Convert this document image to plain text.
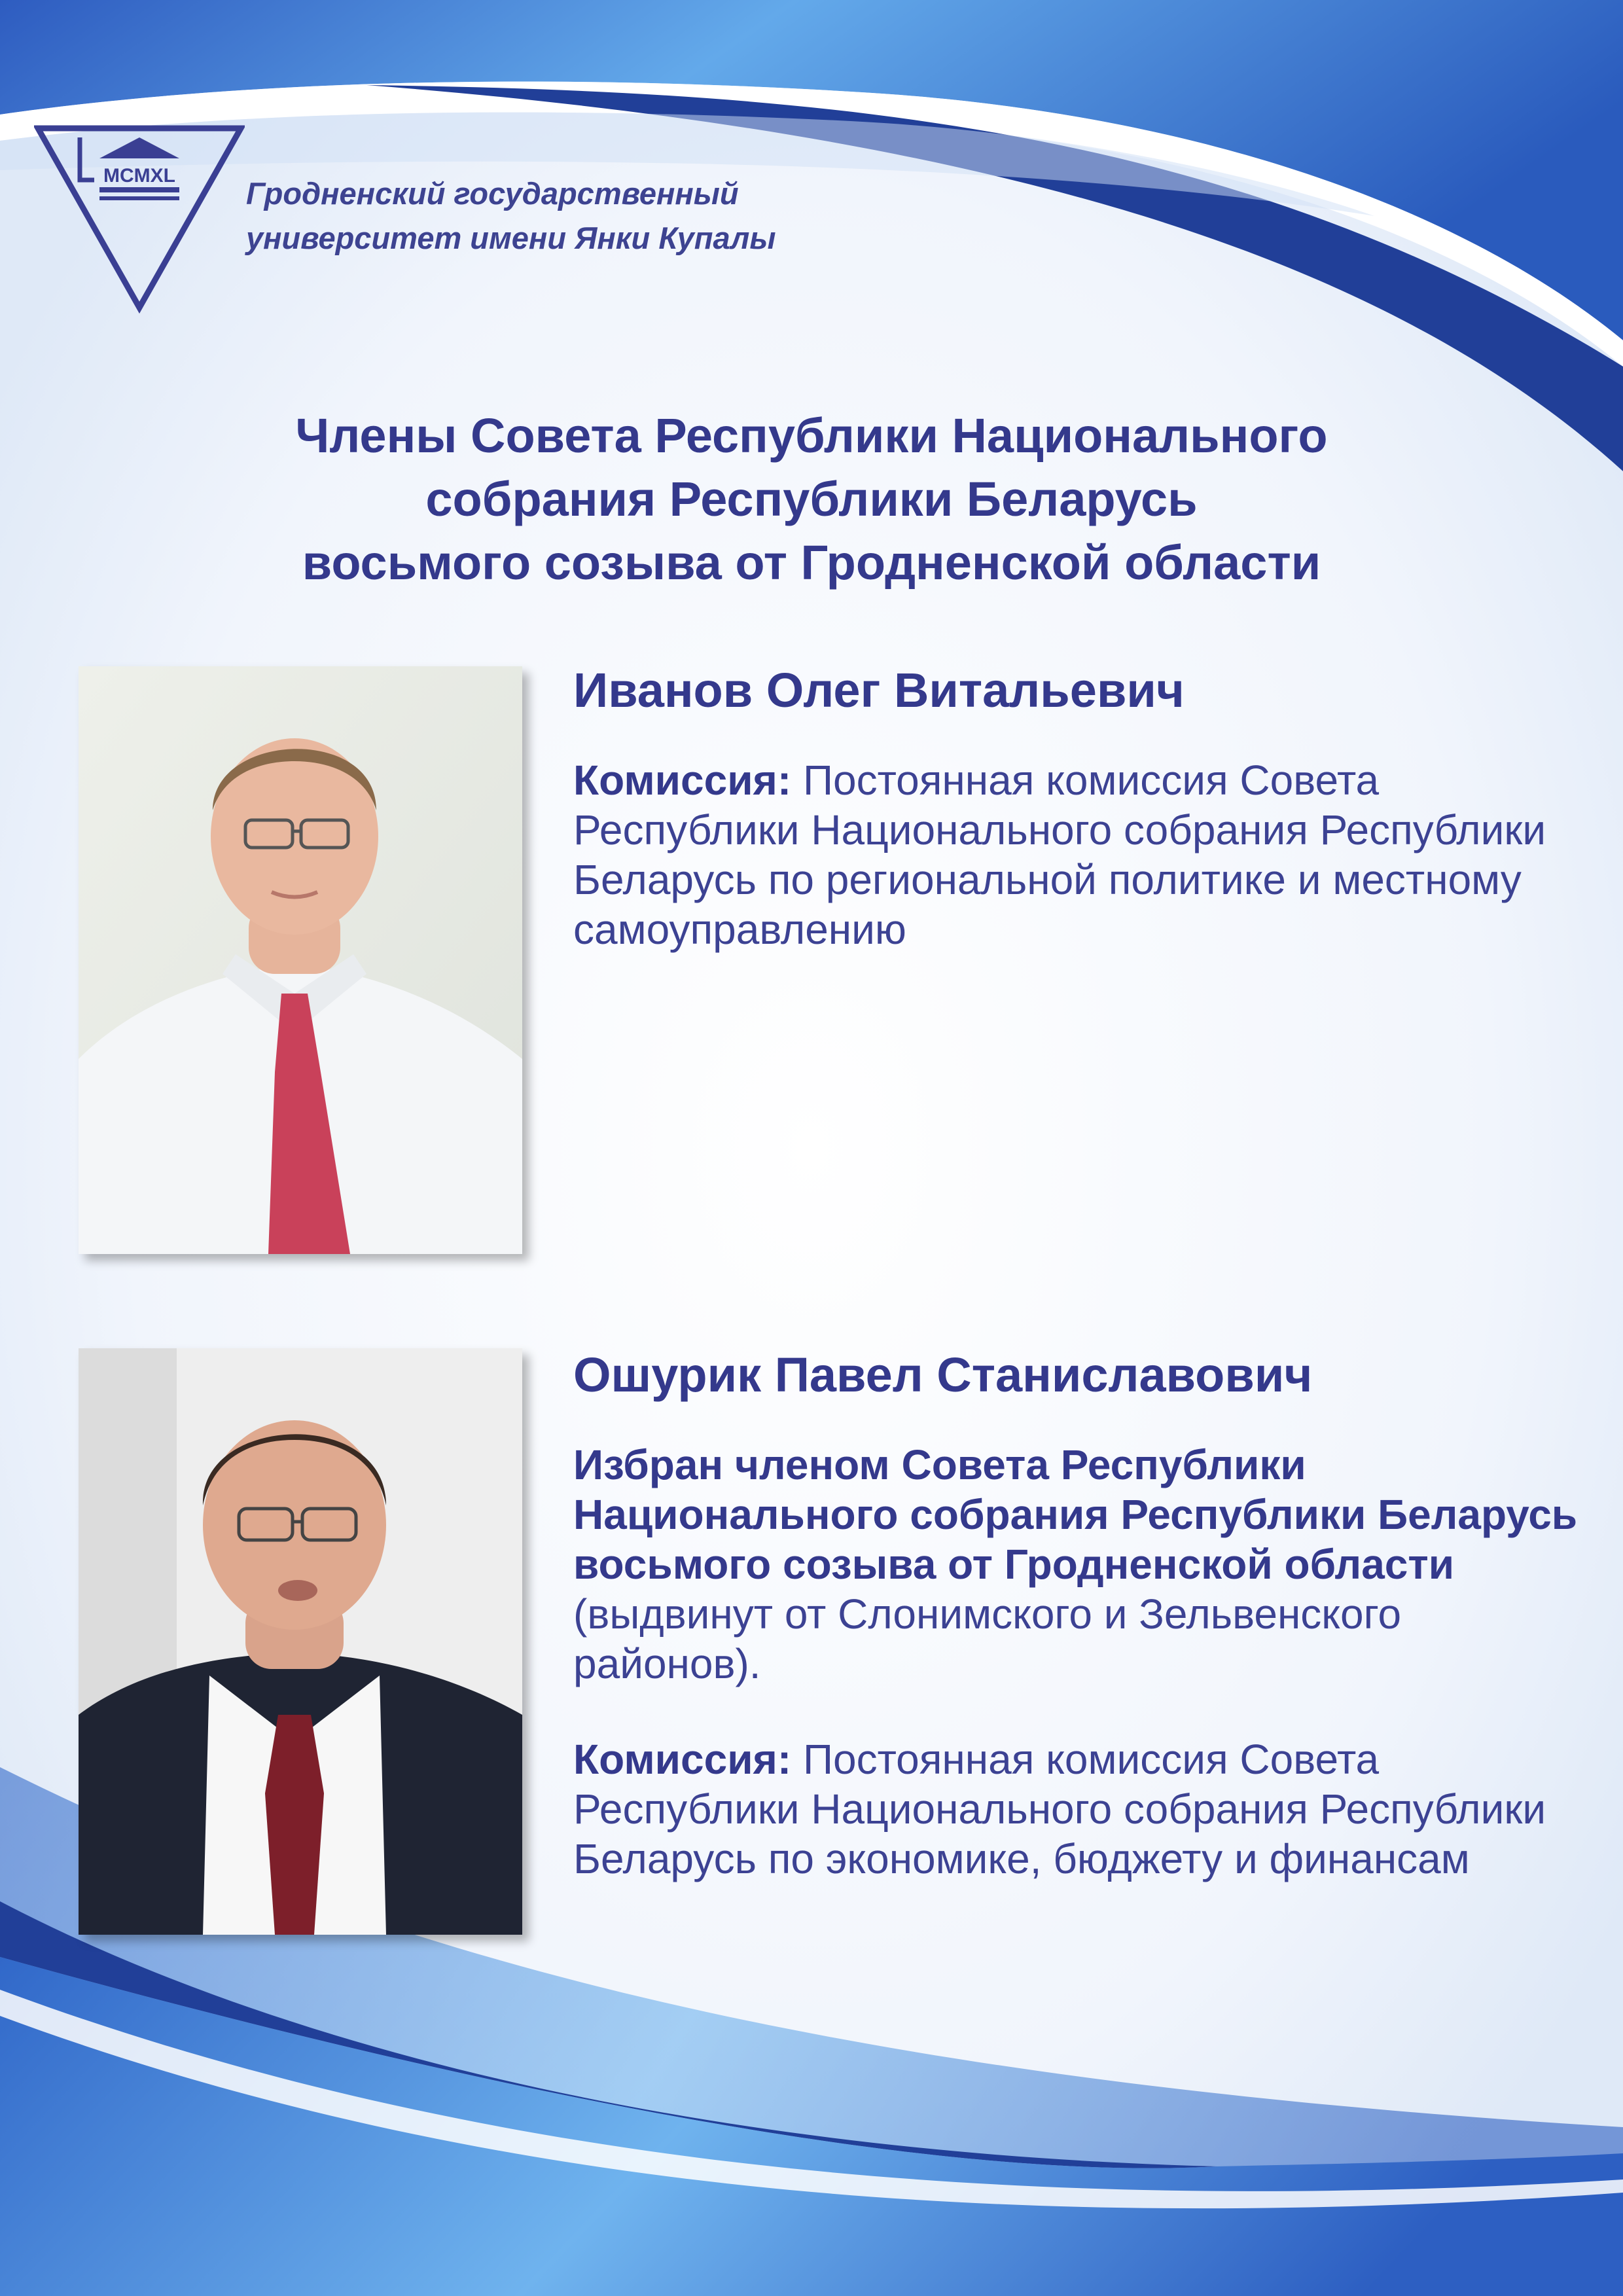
MCMXL
Гродненский государственный
университет имени Янки Купалы
Члены Совета Республики Национального
собрания Республики Беларусь
восьмого созыва от Гродненской области

Иванов Олег Витальевич

Комиссия: Постоянная комиссия Совета Республики Национального собрания Республики Беларусь по региональной политике и местному самоуправлению

Ошурик Павел Станиславович

Избран членом Совета Республики Национального собрания Республики Беларусь восьмого созыва от Гродненской области (выдвинут от Слонимского и Зельвенского районов).

Комиссия: Постоянная комиссия Совета Республики Национального собрания Республики Беларусь по экономике, бюджету и финансам
